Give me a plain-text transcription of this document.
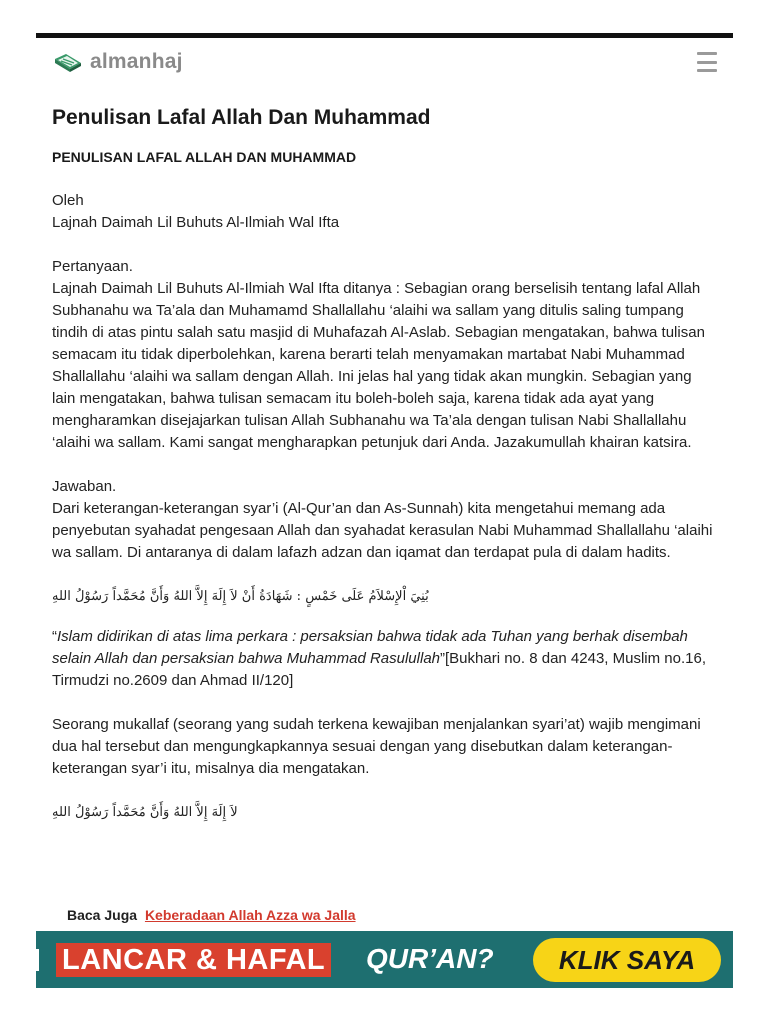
almanhaj
Penulisan Lafal Allah Dan Muhammad

PENULISAN LAFAL ALLAH DAN MUHAMMAD

Oleh

Lajnah Daimah Lil Buhuts Al-Ilmiah Wal Ifta

Pertanyaan.

Lajnah Daimah Lil Buhuts Al-Ilmiah Wal Ifta ditanya : Sebagian orang berselisih tentang lafal Allah Subhanahu wa Ta’ala dan Muhamamd Shallallahu ‘alaihi wa sallam yang ditulis saling tumpang tindih di atas pintu salah satu masjid di Muhafazah Al-Aslab. Sebagian mengatakan, bahwa tulisan semacam itu tidak diperbolehkan, karena berarti telah menyamakan martabat Nabi Muhammad Shallallahu ‘alaihi wa sallam dengan Allah. Ini jelas hal yang tidak akan mungkin. Sebagian yang lain mengatakan, bahwa tulisan semacam itu boleh-boleh saja, karena tidak ada ayat yang mengharamkan disejajarkan tulisan Allah Subhanahu wa Ta’ala dengan tulisan Nabi Shallallahu ‘alaihi wa sallam. Kami sangat mengharapkan petunjuk dari Anda. Jazakumullah khairan katsira.

Jawaban.

Dari keterangan-keterangan syar’i (Al-Qur’an dan As-Sunnah) kita mengetahui memang ada penyebutan syahadat pengesaan Allah dan syahadat kerasulan Nabi Muhammad Shallallahu ‘alaihi wa sallam. Di antaranya di dalam lafazh adzan dan iqamat dan terdapat pula di dalam hadits.

بُنِيَ اْلإِسْلاَمُ عَلَى خَمْسٍ : شَهَادَةُ أَنْ لاَ إِلَهَ إِلاَّ اللهُ وَأَنَّ مُحَمَّداً رَسُوْلُ اللهِ

“Islam didirikan di atas lima perkara : persaksian bahwa tidak ada Tuhan yang berhak disembah selain Allah dan persaksian bahwa Muhammad Rasulullah”[Bukhari no. 8 dan 4243, Muslim no.16, Tirmudzi no.2609 dan Ahmad II/120]

Seorang mukallaf (seorang yang sudah terkena kewajiban menjalankan syari’at) wajib mengimani dua hal tersebut dan mengungkapkannya sesuai dengan yang disebutkan dalam keterangan-keterangan syar’i itu, misalnya dia mengatakan.

لاَ إِلَهَ إِلاَّ اللهُ وَأَنَّ مُحَمَّداً رَسُوْلُ اللهِ

Baca Juga Keberadaan Allah Azza wa Jalla
LANCAR & HAFAL QUR’AN?	KLIK SAYA
